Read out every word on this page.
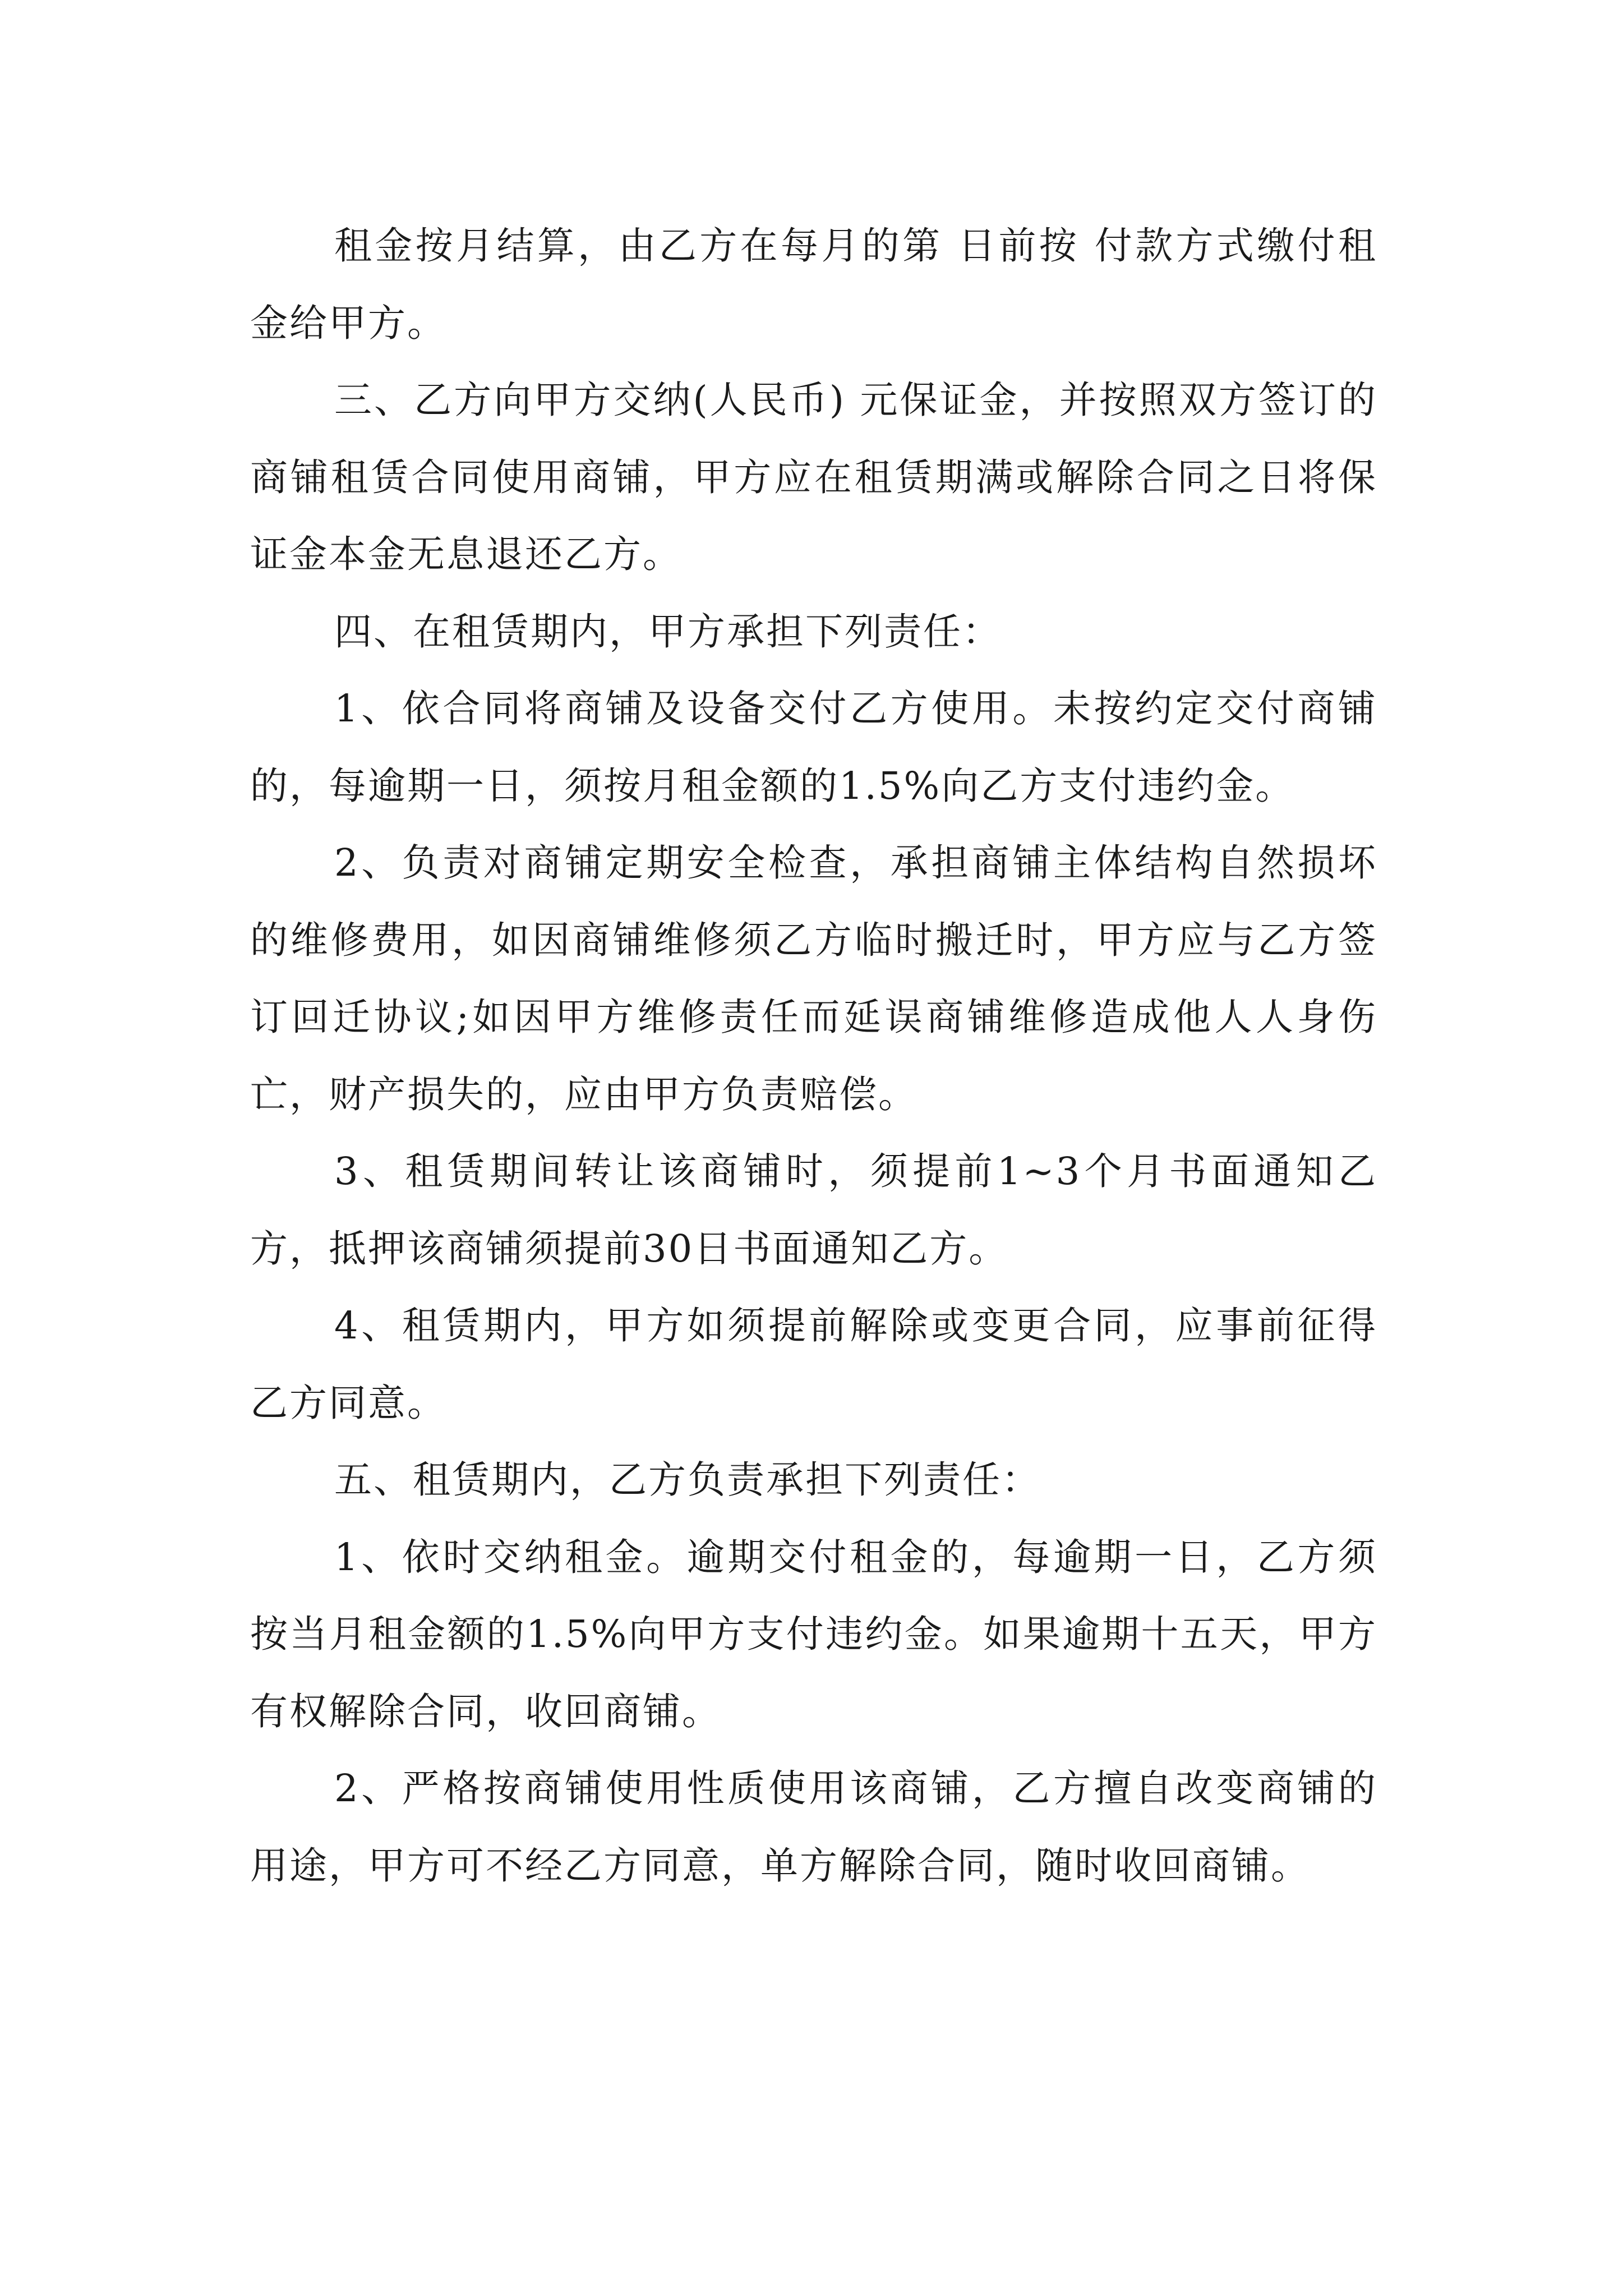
租金按月结算，由乙方在每月的第 日前按 付款方式缴付租金给甲方。

三、乙方向甲方交纳(人民币) 元保证金，并按照双方签订的商铺租赁合同使用商铺，甲方应在租赁期满或解除合同之日将保证金本金无息退还乙方。

四、在租赁期内，甲方承担下列责任：

1、依合同将商铺及设备交付乙方使用。未按约定交付商铺的，每逾期一日，须按月租金额的1.5%向乙方支付违约金。

2、负责对商铺定期安全检查，承担商铺主体结构自然损坏的维修费用，如因商铺维修须乙方临时搬迁时，甲方应与乙方签订回迁协议;如因甲方维修责任而延误商铺维修造成他人人身伤亡，财产损失的，应由甲方负责赔偿。

3、租赁期间转让该商铺时，须提前1~3个月书面通知乙方，抵押该商铺须提前30日书面通知乙方。

4、租赁期内，甲方如须提前解除或变更合同，应事前征得乙方同意。

五、租赁期内，乙方负责承担下列责任：

1、依时交纳租金。逾期交付租金的，每逾期一日，乙方须按当月租金额的1.5%向甲方支付违约金。如果逾期十五天，甲方有权解除合同，收回商铺。

2、严格按商铺使用性质使用该商铺，乙方擅自改变商铺的用途，甲方可不经乙方同意，单方解除合同，随时收回商铺。
